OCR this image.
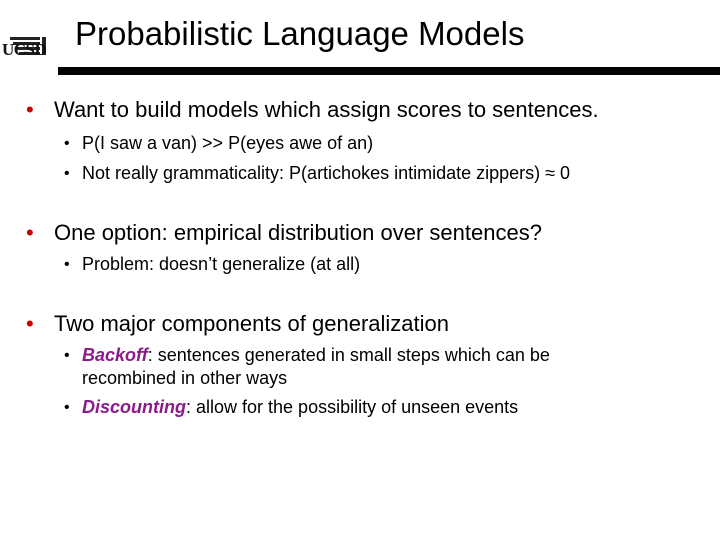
UCSD Probabilistic Language Models
• Want to build models which assign scores to sentences.
• P(I saw a van) >> P(eyes awe of an)
• Not really grammaticality: P(artichokes intimidate zippers) ≈ 0
• One option: empirical distribution over sentences?
• Problem: doesn’t generalize (at all)
• Two major components of generalization
• Backoff: sentences generated in small steps which can be
recombined in other ways
• Discounting: allow for the possibility of unseen events
